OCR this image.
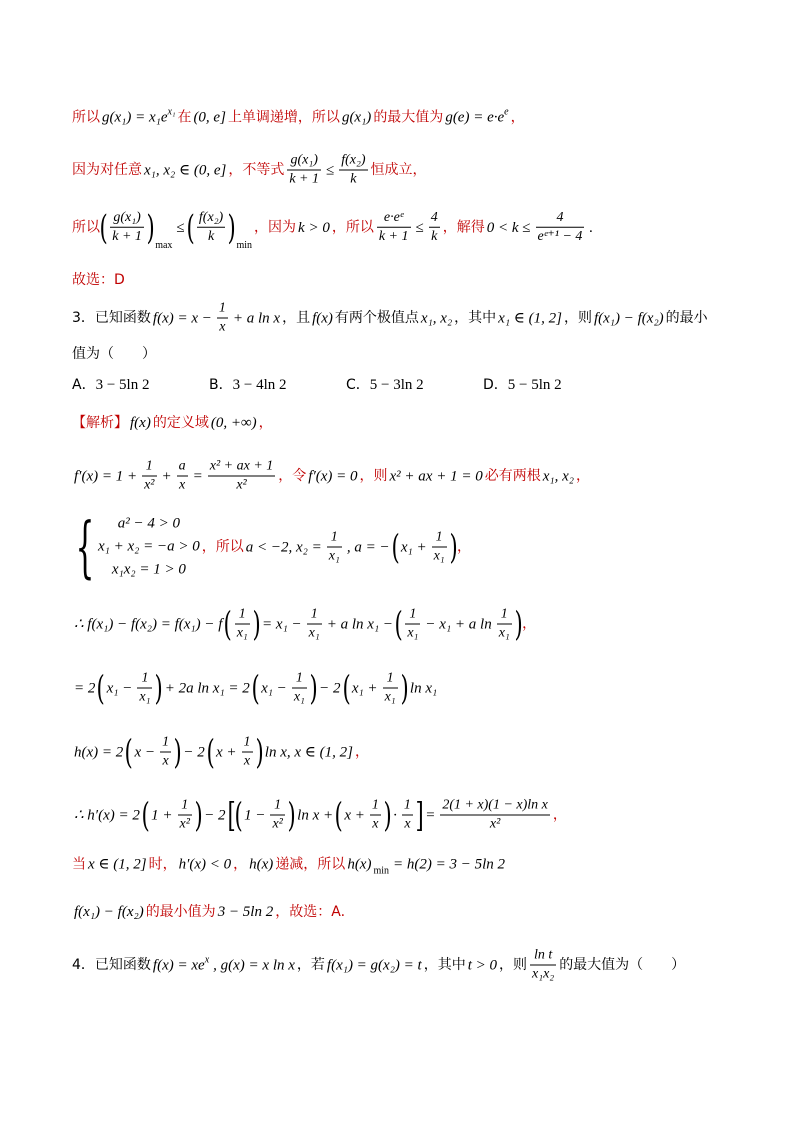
所以 $g(x_1) = x_1e^{x_1}$ 在 (0, e] 上单调递增，所以 g(x₁) 的最大值为 $g(e) = e\cdot e^e$ ，
因为对任意 x₁, x₂ ∈ (0, e] ，不等式 $\frac{\text{g(x₁)}}{k + 1} \le \frac{\text{f(x₂)}}{k}$ 恒成立，
所以( $\frac{\text{g(x₁)}}{k + 1} )_{max}\le( \frac{\text{f(x₂)}}{k} )_{min}$，因为 k > 0 ，所以 $\frac{\text{e·eᵉ}}{k + 1} \le \frac{4}{k}$ ，解得 $0 < k \le \frac{4}{\text{eᵉ⁺¹ − 4}}$ .
故选：D
3．已知函数 $f(x) = x - \frac{1}{x} + a$ ln x ，且 f(x) 有两个极值点 x₁, x₂ ，其中 x₁ ∈ (1, 2] ，则 f(x₁) − f(x₂) 的最小
值为（　　）
A．3 − 5ln 2	B．3 − 4ln 2	C．5 − 3ln 2	D．5 − 5ln 2
【解析】 f(x) 的定义域 (0, +∞) ，
$f'(x) = 1 + \frac{1}{\text{x²}} + \frac{a}{x} = \frac{\text{x² + ax + 1}}{\text{x²}}$ ，令 f′(x) = 0 ，则 x² + ax + 1 = 0 必有两根 x₁, x₂ ，
{ a² − 4 > 0
x₁ + x₂ = −a > 0
x₁x₂ = 1 > 0
，所以 a < −2, $x_2 = \frac{1}{\text{x₁}}$ , a = −( $x_1 + \frac{1}{\text{x₁}}$ )，
∴ $f(x_1) - f(x_2) = f(x_1) - f( \frac{1}{\text{x₁}}$ ) = $x_1 - \frac{1}{\text{x₁}} + a$ ln x₁ −( $\frac{1}{\text{x₁}} - x_1 + a$ $\ln \frac{1}{\text{x₁}}$ )，
= 2( $x_1 - \frac{1}{\text{x₁}}$ ) + 2a ln x₁ = 2( $x_1 - \frac{1}{\text{x₁}}$ ) − 2( $x_1 + \frac{1}{\text{x₁}}$ ) ln x₁
h(x) = 2( $x - \frac{1}{x}$ ) − 2( $x + \frac{1}{x}$ ) ln x, x ∈ (1, 2] ，
∴ h′(x) = 2( $1 + \frac{1}{\text{x²}}$ ) − 2[( $1 - \frac{1}{\text{x²}}$ ) ln x +( $x + \frac{1}{x}$ ) · $\frac{1}{x}$ ] = $\frac{\text{2(1 + x)(1 − x)ln x}}{\text{x²}}$ ，
当 x ∈ (1, 2] 时， h′(x) < 0 ， h(x) 递减，所以 h(x) $_{min}$ = h(2) = 3 − 5ln 2
f(x₁) − f(x₂) 的最小值为 3 − 5ln 2 ，故选：A.
4．已知函数 $f(x) = xe^x$ , g(x) = x ln x ，若 f(x₁) = g(x₂) = t ，其中 t > 0 ，则 $\frac{\text{ln t}}{\text{x₁x₂}}$ 的最大值为（　　）
